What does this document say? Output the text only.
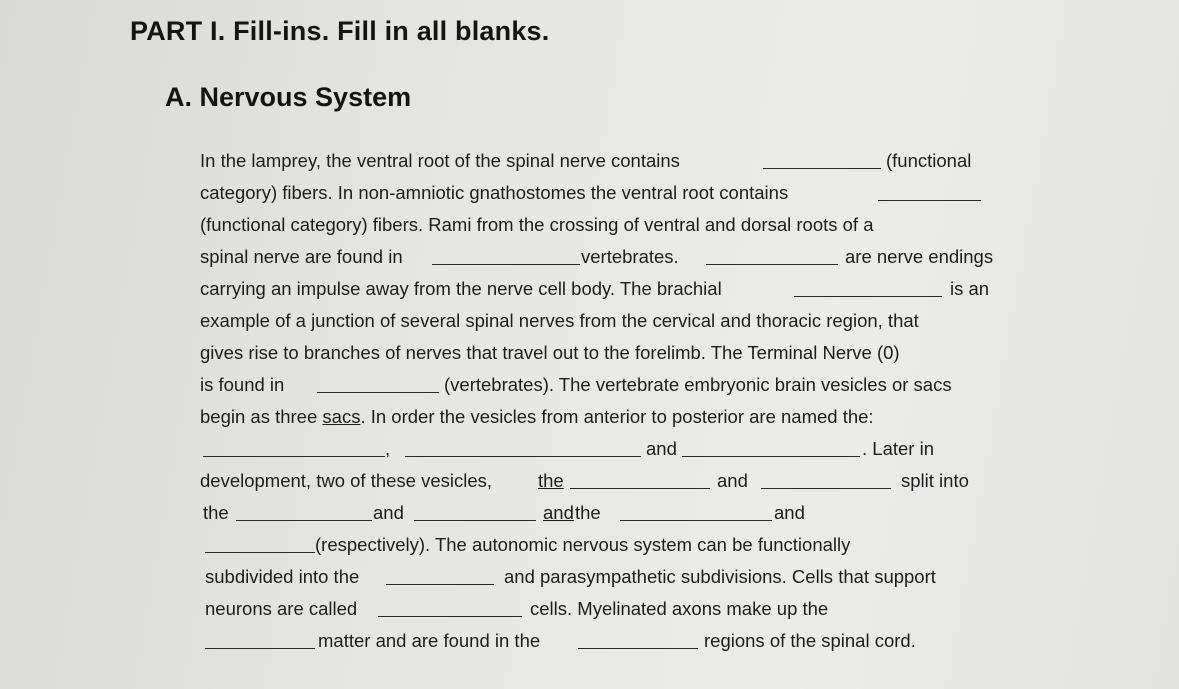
PART I. Fill-ins. Fill in all blanks.
A. Nervous System
In the lamprey, the ventral root of the spinal nerve contains	(functional
category) fibers. In non-amniotic gnathostomes the ventral root contains
(functional category) fibers. Rami from the crossing of ventral and dorsal roots of a
spinal nerve are found in	vertebrates.	are nerve endings
carrying an impulse away from the nerve cell body. The brachial	is an
example of a junction of several spinal nerves from the cervical and thoracic region, that
gives rise to branches of nerves that travel out to the forelimb. The Terminal Nerve (0)
is found in	(vertebrates). The vertebrate embryonic brain vesicles or sacs
begin as three sacs. In order the vesicles from anterior to posterior are named the:
,	and	. Later in
development, two of these vesicles, the	and	split into
the	and	and the	and
(respectively). The autonomic nervous system can be functionally
subdivided into the	and parasympathetic subdivisions. Cells that support
neurons are called	cells. Myelinated axons make up the
matter and are found in the	regions of the spinal cord.
